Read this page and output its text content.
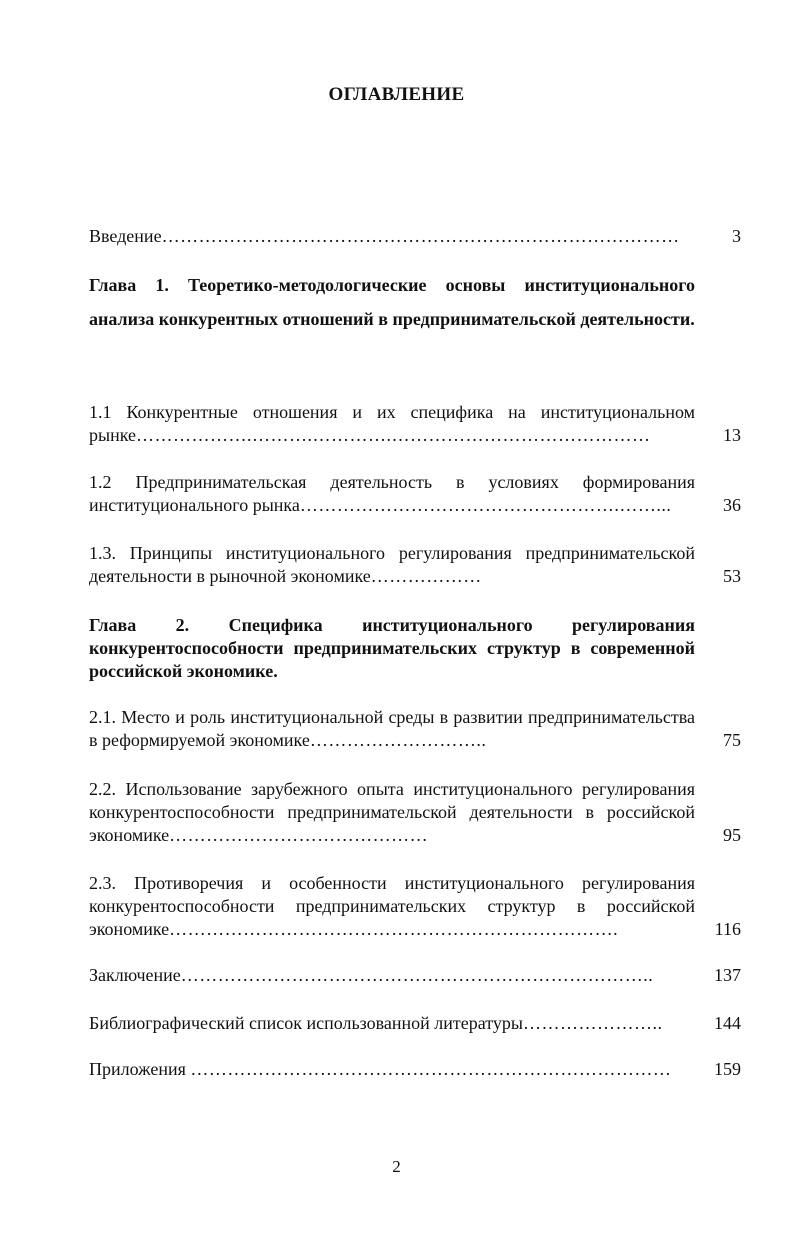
ОГЛАВЛЕНИЕ
Введение…………………………………………………………………………	3
Глава 1. Теоретико-методологические основы институционального анализа конкурентных отношений в предпринимательской деятельности.
1.1 Конкурентные отношения и их специфика на институциональном рынке……………….……….………….……………………………………	13
1.2 Предпринимательская деятельность в условиях формирования институционального рынка…………………………………………….……...	36
1.3. Принципы институционального регулирования предпринимательской деятельности в рыночной экономике………………	53
Глава 2. Специфика институционального регулирования конкурентоспособности предпринимательских структур в современной российской экономике.
2.1. Место и роль институциональной среды в развитии предпринимательства в реформируемой экономике………………………..	75
2.2. Использование зарубежного опыта институционального регулирования конкурентоспособности предпринимательской деятельности в российской экономике……………………………………	95
2.3. Противоречия и особенности институционального регулирования конкурентоспособности предпринимательских структур в российской экономике……………………………………………………………….	116
Заключение…………………………………………………………………..	137
Библиографический список использованной литературы…………………..	144
Приложения ……………………………………………………………………	159
2
